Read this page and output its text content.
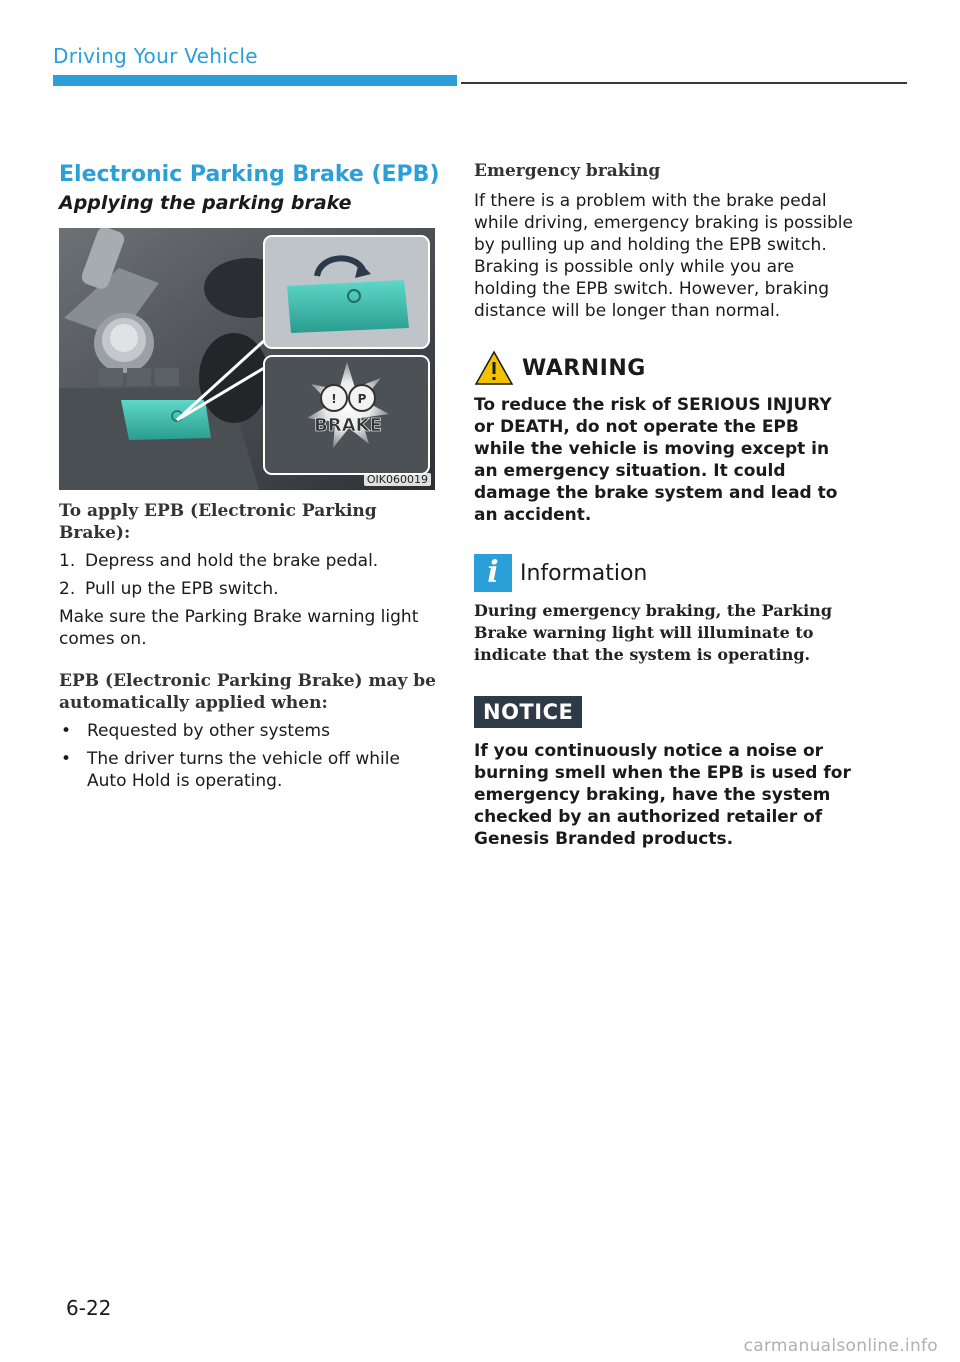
Driving Your Vehicle
Electronic Parking Brake (EPB)
Applying the parking brake
! P
BRAKE
OIK060019
To apply EPB (Electronic Parking Brake):
1. Depress and hold the brake pedal.
2. Pull up the EPB switch.

Make sure the Parking Brake warning light comes on.

EPB (Electronic Parking Brake) may be automatically applied when:
• Requested by other systems
• The driver turns the vehicle off while Auto Hold is operating.
Emergency braking

If there is a problem with the brake pedal while driving, emergency braking is possible by pulling up and holding the EPB switch. Braking is possible only while you are holding the EPB switch. However, braking distance will be longer than normal.

WARNING

To reduce the risk of SERIOUS INJURY or DEATH, do not operate the EPB while the vehicle is moving except in an emergency situation. It could damage the brake system and lead to an accident.

i Information

During emergency braking, the Parking Brake warning light will illuminate to indicate that the system is operating.

NOTICE

If you continuously notice a noise or burning smell when the EPB is used for emergency braking, have the system checked by an authorized retailer of Genesis Branded products.

6-22
carmanualsonline.info
